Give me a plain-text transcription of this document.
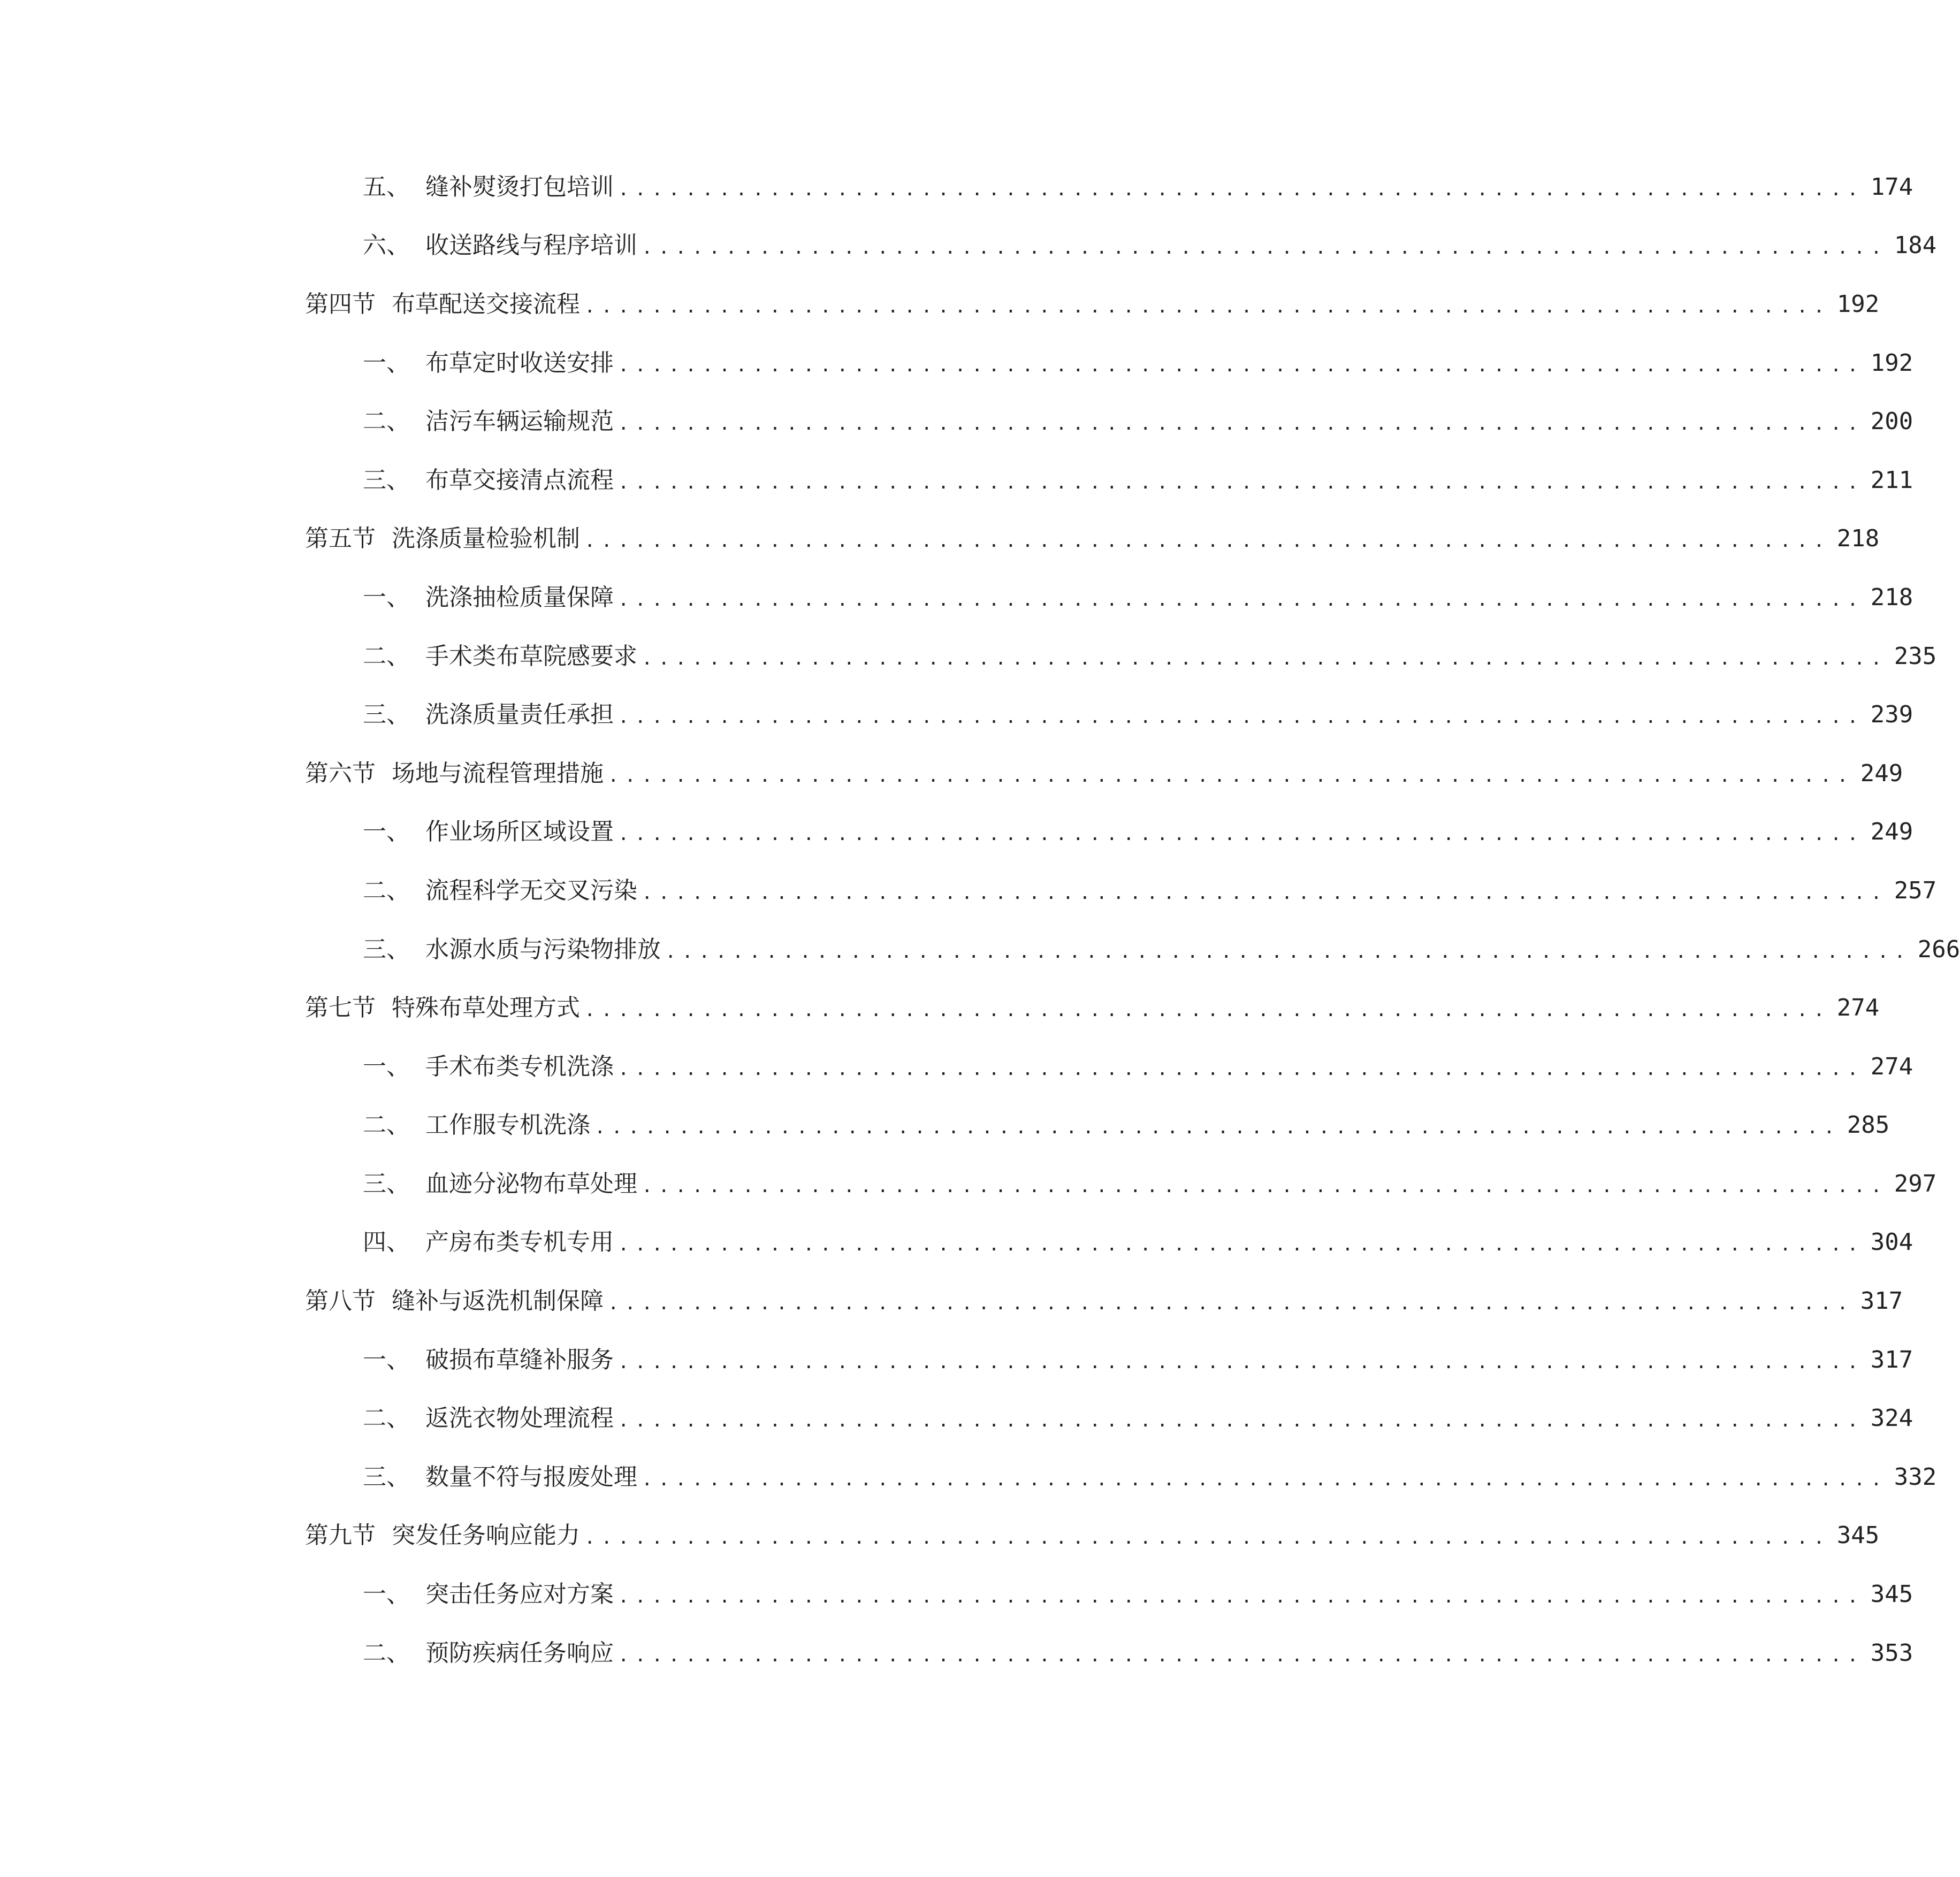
五、 缝补熨烫打包培训 .......................................................................... 174
六、 收送路线与程序培训 .......................................................................... 184
第四节 布草配送交接流程 .......................................................................... 192
一、 布草定时收送安排 .......................................................................... 192
二、 洁污车辆运输规范 .......................................................................... 200
三、 布草交接清点流程 .......................................................................... 211
第五节 洗涤质量检验机制 .......................................................................... 218
一、 洗涤抽检质量保障 .......................................................................... 218
二、 手术类布草院感要求 .......................................................................... 235
三、 洗涤质量责任承担 .......................................................................... 239
第六节 场地与流程管理措施 .......................................................................... 249
一、 作业场所区域设置 .......................................................................... 249
二、 流程科学无交叉污染 .......................................................................... 257
三、 水源水质与污染物排放 .......................................................................... 266
第七节 特殊布草处理方式 .......................................................................... 274
一、 手术布类专机洗涤 .......................................................................... 274
二、 工作服专机洗涤 .......................................................................... 285
三、 血迹分泌物布草处理 .......................................................................... 297
四、 产房布类专机专用 .......................................................................... 304
第八节 缝补与返洗机制保障 .......................................................................... 317
一、 破损布草缝补服务 .......................................................................... 317
二、 返洗衣物处理流程 .......................................................................... 324
三、 数量不符与报废处理 .......................................................................... 332
第九节 突发任务响应能力 .......................................................................... 345
一、 突击任务应对方案 .......................................................................... 345
二、 预防疾病任务响应 .......................................................................... 353
